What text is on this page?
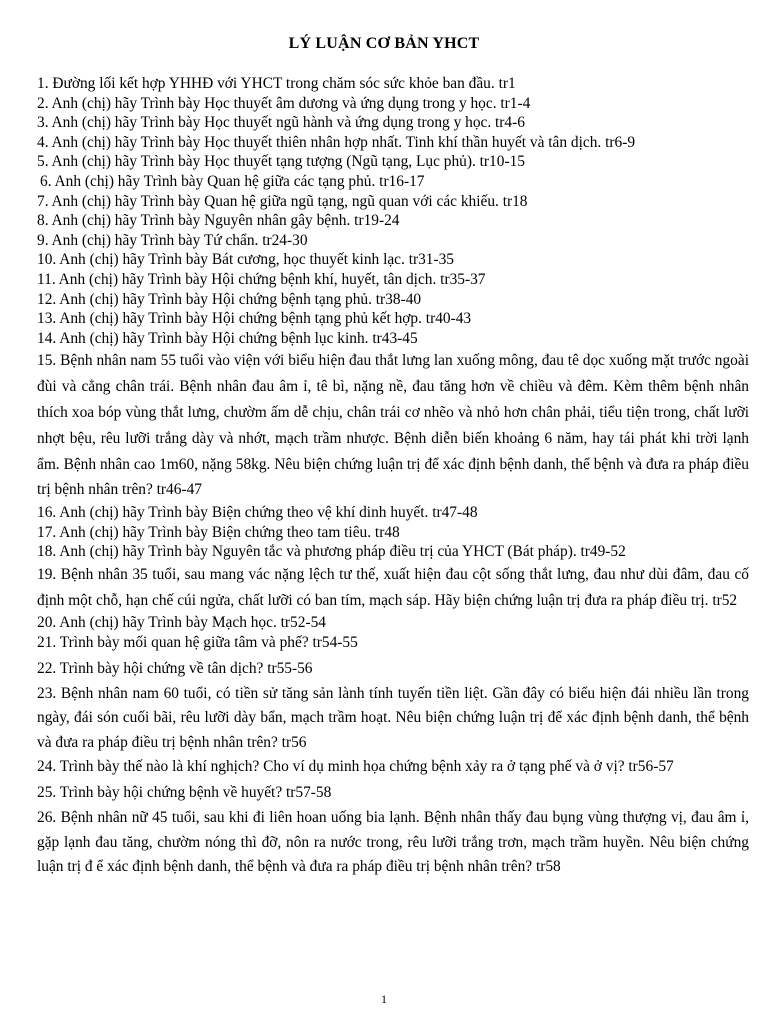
LÝ LUẬN CƠ BẢN YHCT
1. Đường lối kết hợp YHHĐ với YHCT trong chăm sóc sức khỏe ban đầu. tr1
2. Anh (chị) hãy Trình bày Học thuyết âm dương và ứng dụng trong y học. tr1-4
3. Anh (chị) hãy Trình bày Học thuyết ngũ hành và ứng dụng trong y học. tr4-6
4. Anh (chị) hãy Trình bày Học thuyết thiên nhân hợp nhất. Tinh khí thần huyết và tân dịch. tr6-9
5. Anh (chị) hãy Trình bày Học thuyết tạng tượng (Ngũ tạng, Lục phủ). tr10-15
6. Anh (chị) hãy Trình bày Quan hệ giữa các tạng phủ. tr16-17
7. Anh (chị) hãy Trình bày Quan hệ giữa ngũ tạng, ngũ quan với các khiếu. tr18
8. Anh (chị) hãy Trình bày Nguyên nhân gây bệnh. tr19-24
9. Anh (chị) hãy Trình bày Tứ chẩn. tr24-30
10. Anh (chị) hãy Trình bày Bát cương, học thuyết kinh lạc. tr31-35
11. Anh (chị) hãy Trình bày Hội chứng bệnh khí, huyết, tân dịch. tr35-37
12. Anh (chị) hãy Trình bày Hội chứng bệnh tạng phủ. tr38-40
13. Anh (chị) hãy Trình bày Hội chứng bệnh tạng phủ kết hợp. tr40-43
14. Anh (chị) hãy Trình bày Hội chứng bệnh lục kinh. tr43-45
15. Bệnh nhân nam 55 tuổi vào viện với biểu hiện đau thắt lưng lan xuống mông, đau tê dọc xuống mặt trước ngoài đùi và cẳng chân trái. Bệnh nhân đau âm ỉ, tê bì, nặng nề, đau tăng hơn về chiều và đêm. Kèm thêm bệnh nhân thích xoa bóp vùng thắt lưng, chườm ấm dễ chịu, chân trái cơ nhẽo và nhỏ hơn chân phải, tiểu tiện trong, chất lưỡi nhợt bệu, rêu lưỡi trắng dày và nhớt, mạch trầm nhược. Bệnh diễn biến khoảng 6 năm, hay tái phát khi trời lạnh ẩm. Bệnh nhân cao 1m60, nặng 58kg. Nêu biện chứng luận trị để xác định bệnh danh, thể bệnh và đưa ra pháp điều trị bệnh nhân trên? tr46-47
16. Anh (chị) hãy Trình bày Biện chứng theo vệ khí dinh huyết. tr47-48
17. Anh (chị) hãy Trình bày Biện chứng theo tam tiêu. tr48
18. Anh (chị) hãy Trình bày Nguyên tắc và phương pháp điều trị của YHCT (Bát pháp). tr49-52
19. Bệnh nhân 35 tuổi, sau mang vác nặng lệch tư thế, xuất hiện đau cột sống thắt lưng, đau như dùi đâm, đau cố định một chỗ, hạn chế cúi ngửa, chất lưỡi có ban tím, mạch sáp. Hãy biện chứng luận trị đưa ra pháp điều trị. tr52
20. Anh (chị) hãy Trình bày Mạch học. tr52-54
21. Trình bày mối quan hệ giữa tâm và phế? tr54-55
22. Trình bày hội chứng về tân dịch? tr55-56
23. Bệnh nhân nam 60 tuổi, có tiền sử tăng sản lành tính tuyến tiền liệt. Gần đây có biểu hiện đái nhiều lần trong ngày, đái són cuối bãi, rêu lưỡi dày bẩn, mạch trầm hoạt. Nêu biện chứng luận trị để xác định bệnh danh, thể bệnh và đưa ra pháp điều trị bệnh nhân trên? tr56
24. Trình bày thế nào là khí nghịch? Cho ví dụ minh họa chứng bệnh xảy ra ở tạng phế và ở vị? tr56-57
25. Trình bày hội chứng bệnh về huyết? tr57-58
26. Bệnh nhân nữ 45 tuổi, sau khi đi liên hoan uống bia lạnh. Bệnh nhân thấy đau bụng vùng thượng vị, đau âm ỉ, gặp lạnh đau tăng, chườm nóng thì đỡ, nôn ra nước trong, rêu lưỡi trắng trơn, mạch trầm huyền. Nêu biện chứng luận trị đ ể xác định bệnh danh, thể bệnh và đưa ra pháp điều trị bệnh nhân trên? tr58
1
